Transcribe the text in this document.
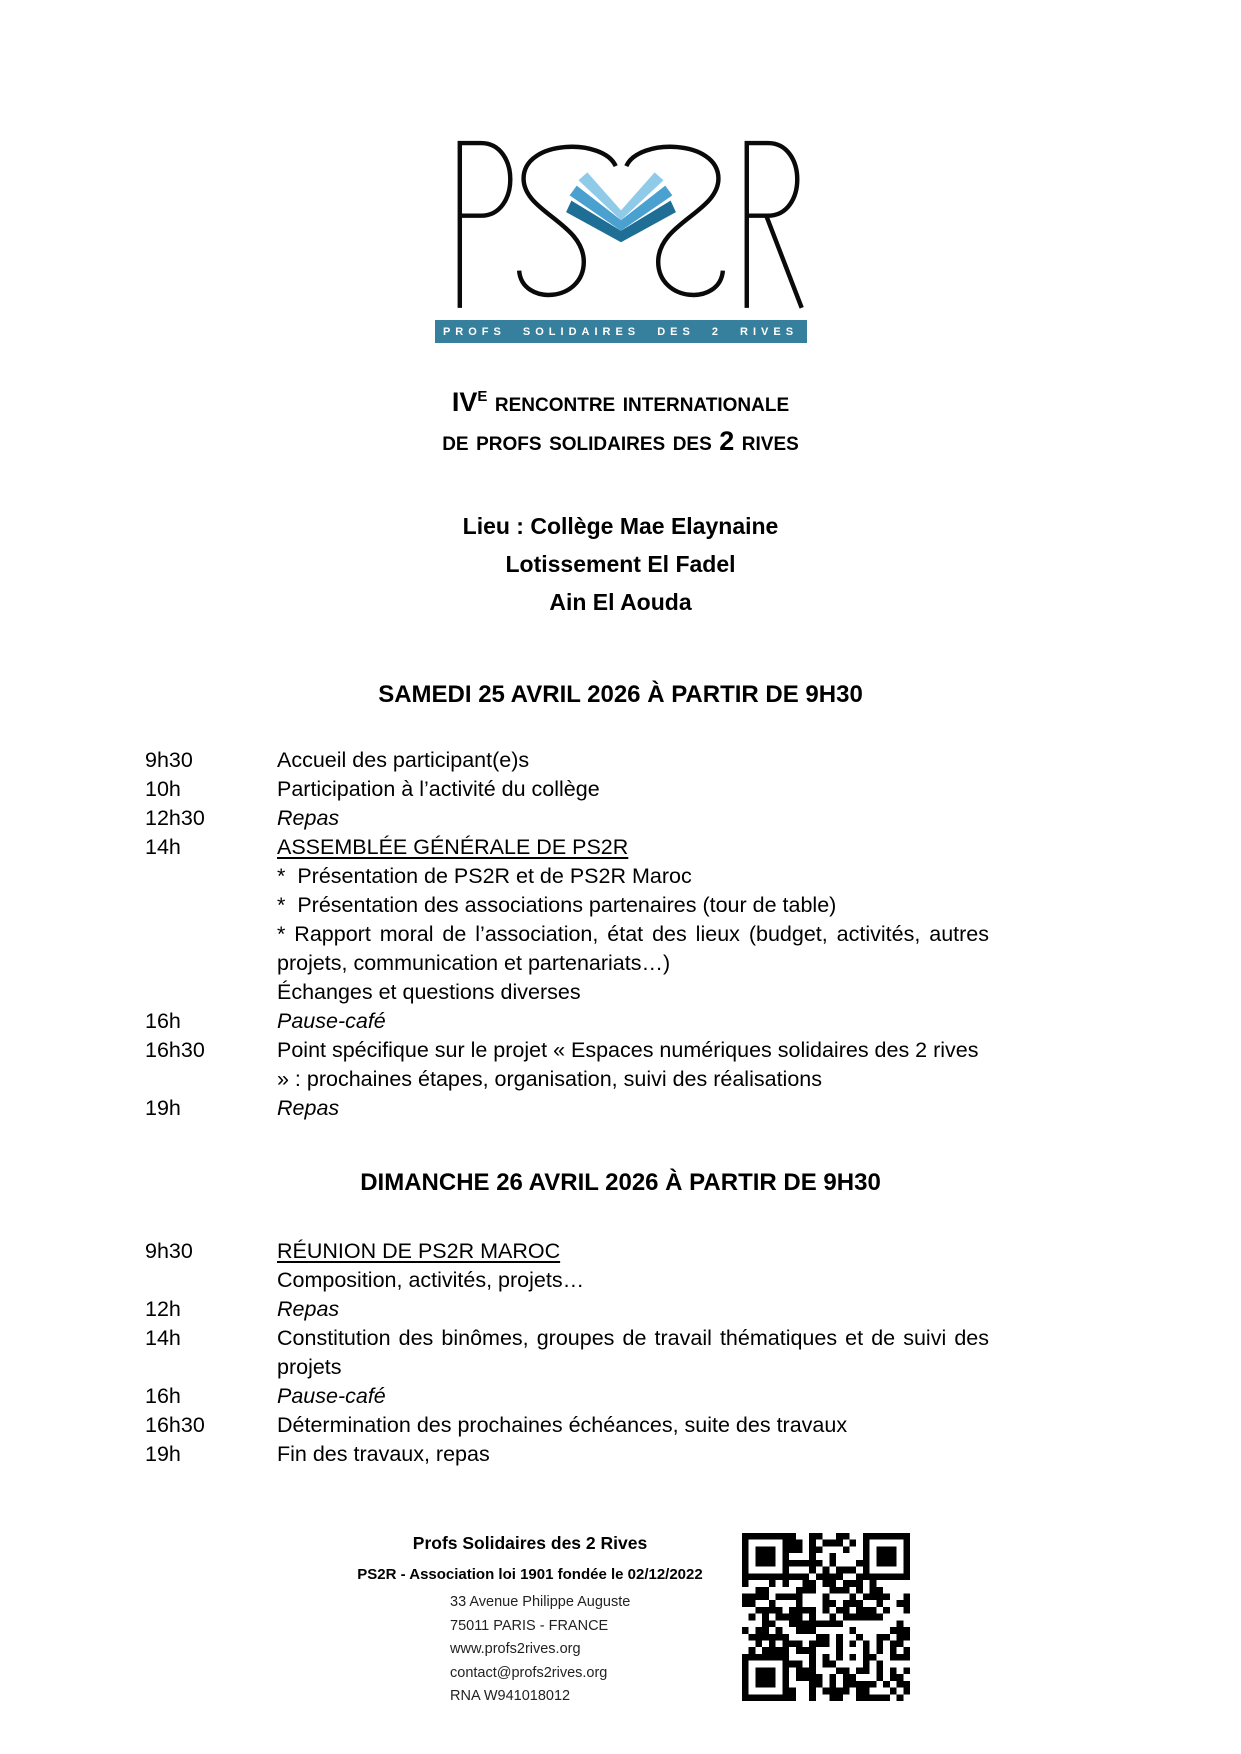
PROFS SOLIDAIRES DES 2 RIVES
$IV^E$ rencontre internationale
de profs solidaires des 2 rives
Lieu : Collège Mae Elaynaine
Lotissement El Fadel
Ain El Aouda
SAMEDI 25 AVRIL 2026 À PARTIR DE 9H30
9h30	Accueil des participant(e)s
10h	Participation à l’activité du collège
12h30	Repas
14h	ASSEMBLÉE GÉNÉRALE DE PS2R
*  Présentation de PS2R et de PS2R Maroc
*  Présentation des associations partenaires (tour de table)
* Rapport moral de l’association, état des lieux (budget, activités, autres projets, communication et partenariats…)
Échanges et questions diverses
16h	Pause-café
16h30	Point spécifique sur le projet « Espaces numériques solidaires des 2 rives » : prochaines étapes, organisation, suivi des réalisations
19h	Repas
DIMANCHE 26 AVRIL 2026 À PARTIR DE 9H30
9h30	RÉUNION DE PS2R MAROC
Composition, activités, projets…
12h	Repas
14h	Constitution des binômes, groupes de travail thématiques et de suivi des projets
16h	Pause-café
16h30	Détermination des prochaines échéances, suite des travaux
19h	Fin des travaux, repas

Profs Solidaires des 2 Rives

PS2R - Association loi 1901 fondée le 02/12/2022

33 Avenue Philippe Auguste
75011 PARIS - FRANCE
www.profs2rives.org
contact@profs2rives.org
RNA W941018012
